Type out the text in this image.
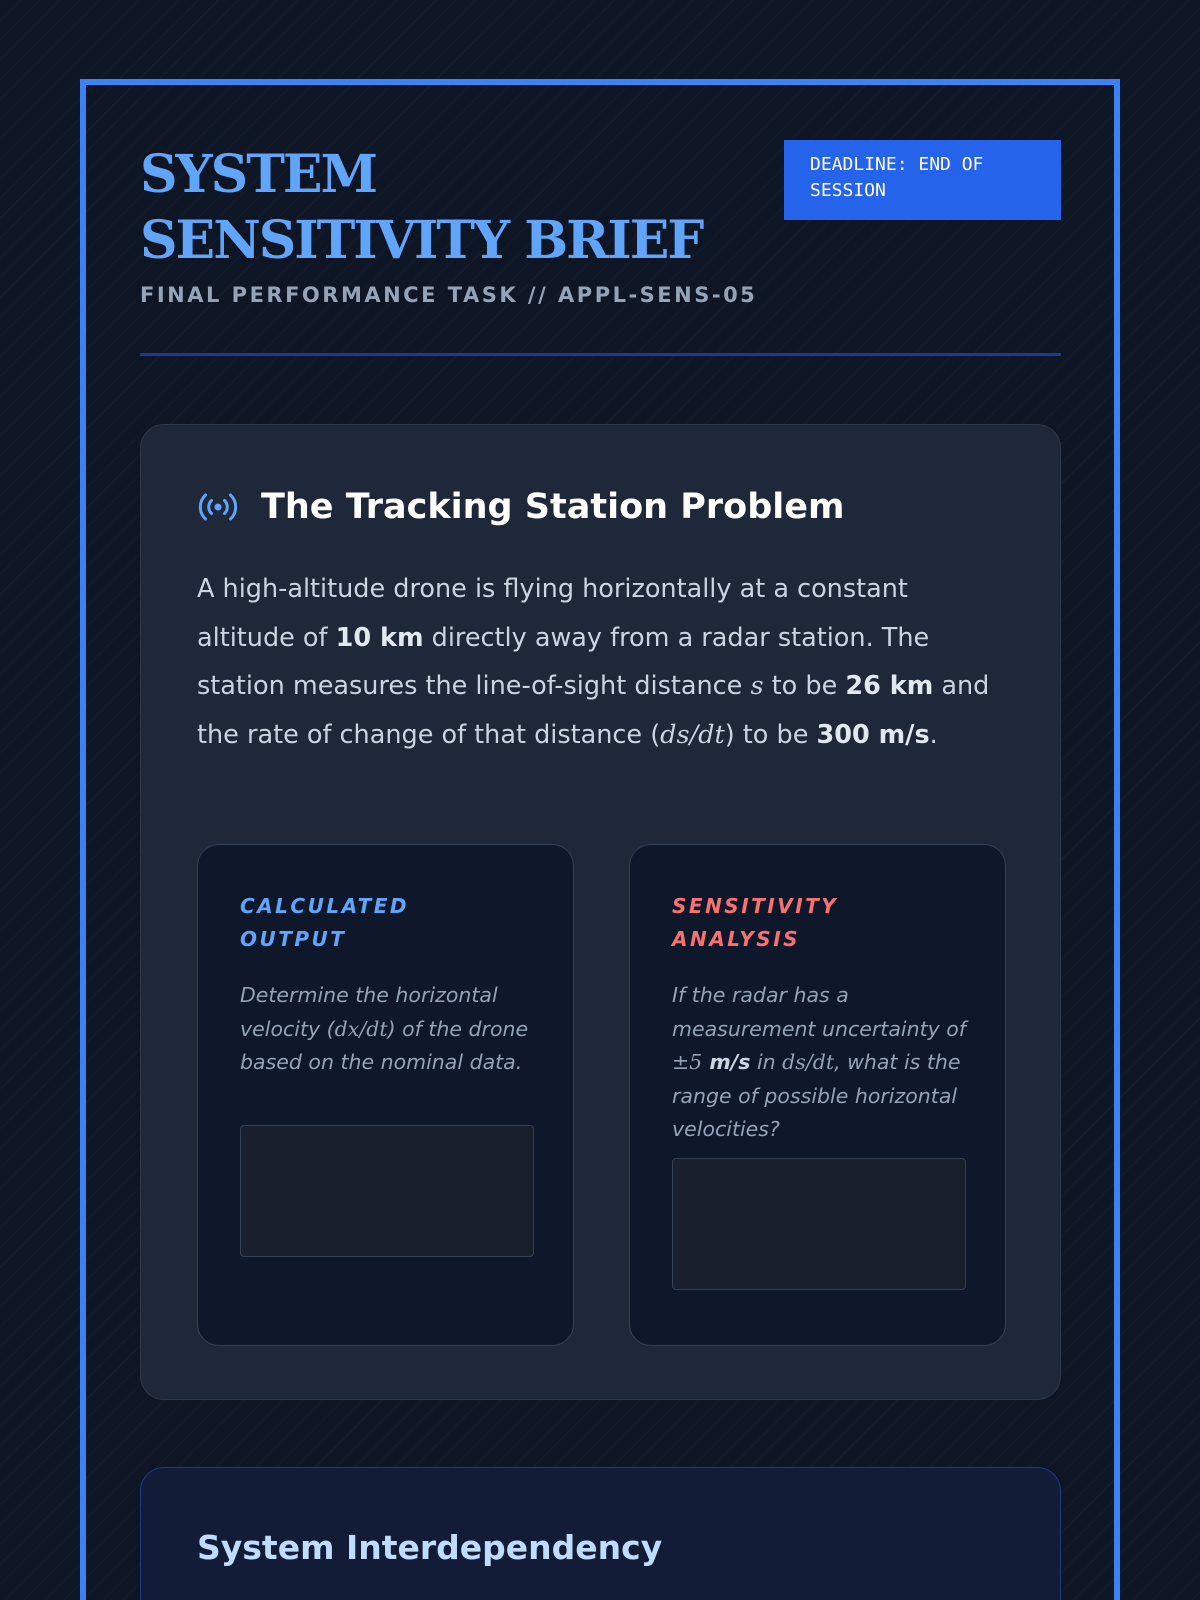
SYSTEM
SENSITIVITY BRIEF
FINAL PERFORMANCE TASK // APPL-SENS-05
DEADLINE: END OF SESSION
The Tracking Station Problem

A high-altitude drone is flying horizontally at a constant altitude of 10 km directly away from a radar station. The station measures the line-of-sight distance s to be 26 km and the rate of change of that distance (ds/dt) to be 300 m/s.

CALCULATED OUTPUT

Determine the horizontal velocity (dx/dt) of the drone based on the nominal data.

SENSITIVITY ANALYSIS

If the radar has a measurement uncertainty of ±5 m/s in ds/dt, what is the range of possible horizontal velocities?

System Interdependency
